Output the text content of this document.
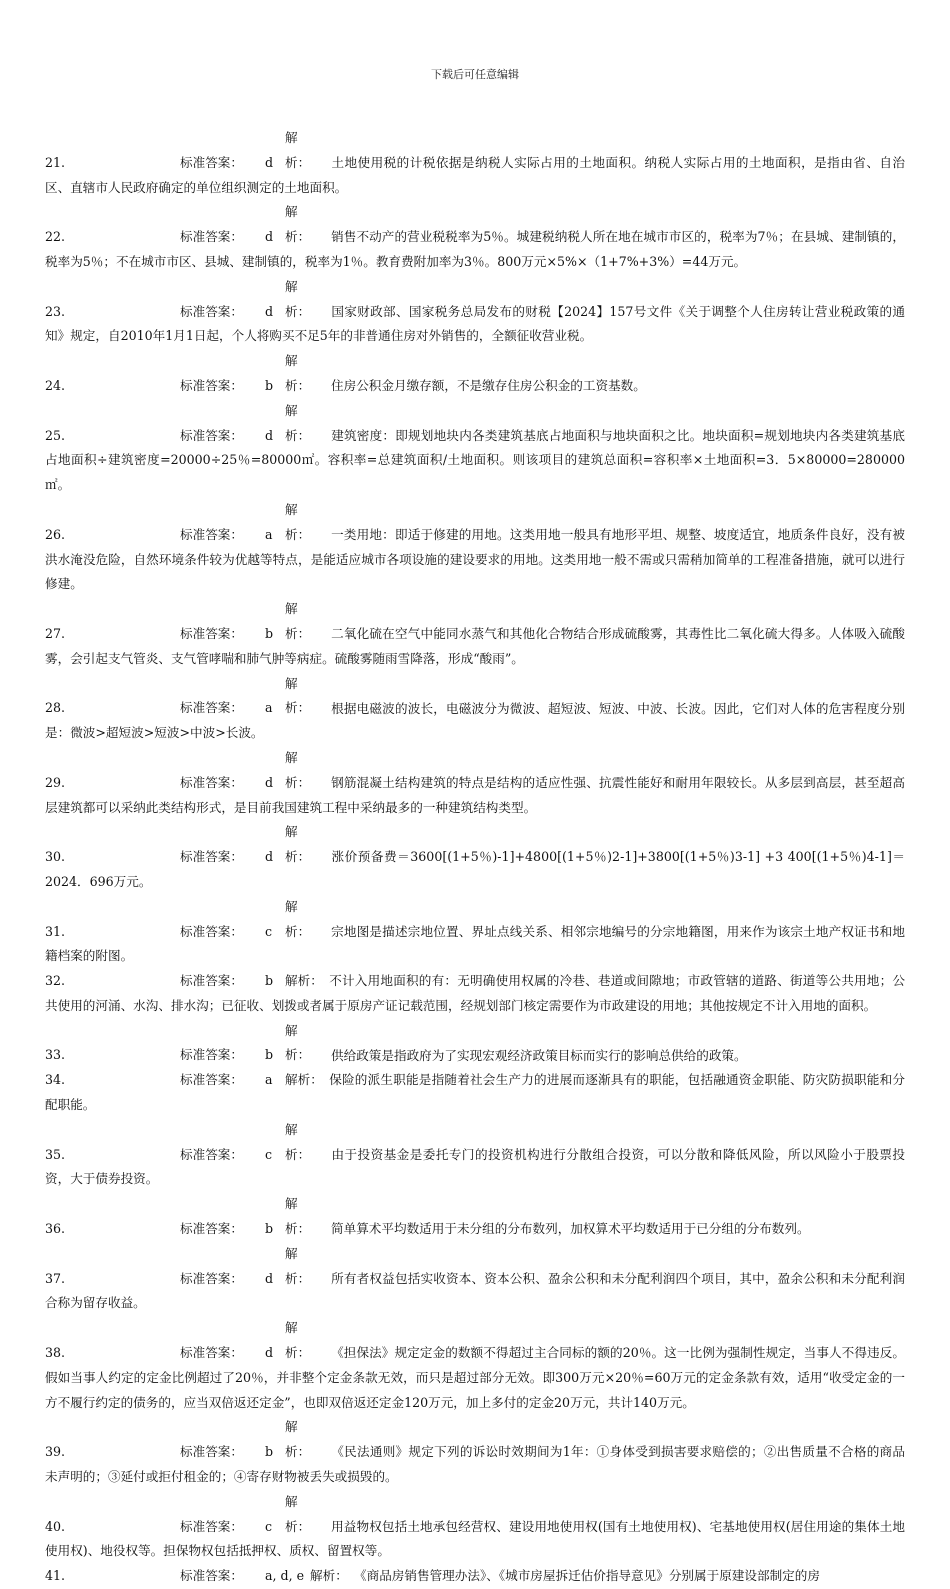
下载后可任意编辑
21.	标准答案： d解　　析： 土地使用税的计税依据是纳税人实际占用的土地面积。纳税人实际占用的土地面积，是指由省、自治区、直辖市人民政府确定的单位组织测定的土地面积。
22.	标准答案： d解　　析： 销售不动产的营业税税率为5％。城建税纳税人所在地在城市市区的，税率为7％；在县城、建制镇的，税率为5％；不在城市市区、县城、建制镇的，税率为1％。教育费附加率为3％。800万元×5%×（1+7%+3%）=44万元。
23.	标准答案： d解　　析： 国家财政部、国家税务总局发布的财税【2024】157号文件《关于调整个人住房转让营业税政策的通知》规定，自2010年1月1日起，个人将购买不足5年的非普通住房对外销售的，全额征收营业税。
24.	标准答案： b解　　析： 住房公积金月缴存额，不是缴存住房公积金的工资基数。
25.	标准答案： d解　　析： 建筑密度：即规划地块内各类建筑基底占地面积与地块面积之比。地块面积=规划地块内各类建筑基底占地面积÷建筑密度=20000÷25％=80000㎡。容积率=总建筑面积/土地面积。则该项目的建筑总面积=容积率×土地面积=3．5×80000=280000㎡。
26.	标准答案： a解　　析： 一类用地：即适于修建的用地。这类用地一般具有地形平坦、规整、坡度适宜，地质条件良好，没有被洪水淹没危险，自然环境条件较为优越等特点，是能适应城市各项设施的建设要求的用地。这类用地一般不需或只需稍加简单的工程准备措施，就可以进行修建。
27.	标准答案： b解　　析： 二氧化硫在空气中能同水蒸气和其他化合物结合形成硫酸雾，其毒性比二氧化硫大得多。人体吸入硫酸雾，会引起支气管炎、支气管哮喘和肺气肿等病症。硫酸雾随雨雪降落，形成“酸雨”。
28.	标准答案： a解　　析： 根据电磁波的波长，电磁波分为微波、超短波、短波、中波、长波。因此，它们对人体的危害程度分别是：微波>超短波>短波>中波>长波。
29.	标准答案： d解　　析： 钢筋混凝土结构建筑的特点是结构的适应性强、抗震性能好和耐用年限较长。从多层到高层，甚至超高层建筑都可以采纳此类结构形式，是目前我国建筑工程中采纳最多的一种建筑结构类型。
30.	标准答案： d解　　析： 涨价预备费＝3600[(1+5％)-1]+4800[(1+5％)2-1]+3800[(1+5％)3-1] +3 400[(1+5％)4-1]＝2024．696万元。
31.	标准答案： c解　　析： 宗地图是描述宗地位置、界址点线关系、相邻宗地编号的分宗地籍图，用来作为该宗土地产权证书和地籍档案的附图。
32.	标准答案： b 解析： 不计入用地面积的有：无明确使用权属的冷巷、巷道或间隙地；市政管辖的道路、街道等公共用地；公共使用的河涌、水沟、排水沟；已征收、划拨或者属于原房产证记载范围，经规划部门核定需要作为市政建设的用地；其他按规定不计入用地的面积。
33.	标准答案： b解　　析： 供给政策是指政府为了实现宏观经济政策目标而实行的影响总供给的政策。
34.	标准答案： a 解析： 保险的派生职能是指随着社会生产力的进展而逐渐具有的职能，包括融通资金职能、防灾防损职能和分配职能。
35.	标准答案： c解　　析： 由于投资基金是委托专门的投资机构进行分散组合投资，可以分散和降低风险，所以风险小于股票投资，大于债券投资。
36.	标准答案： b解　　析： 简单算术平均数适用于未分组的分布数列，加权算术平均数适用于已分组的分布数列。
37.	标准答案： d解　　析： 所有者权益包括实收资本、资本公积、盈余公积和未分配利润四个项目，其中，盈余公积和未分配利润合称为留存收益。
38.	标准答案： d解　　析： 《担保法》规定定金的数额不得超过主合同标的额的20％。这一比例为强制性规定，当事人不得违反。假如当事人约定的定金比例超过了20％，并非整个定金条款无效，而只是超过部分无效。即300万元×20％=60万元的定金条款有效，适用“收受定金的一方不履行约定的债务的，应当双倍返还定金”，也即双倍返还定金120万元，加上多付的定金20万元，共计140万元。
39.	标准答案： b解　　析： 《民法通则》规定下列的诉讼时效期间为1年：①身体受到损害要求赔偿的；②出售质量不合格的商品未声明的；③延付或拒付租金的；④寄存财物被丢失或损毁的。
40.	标准答案： c解　　析： 用益物权包括土地承包经营权、建设用地使用权(国有土地使用权)、宅基地使用权(居住用途的集体土地使用权)、地役权等。担保物权包括抵押权、质权、留置权等。
41.	标准答案： a, d, e 解析： 《商品房销售管理办法》、《城市房屋拆迁估价指导意见》分别属于原建设部制定的房
